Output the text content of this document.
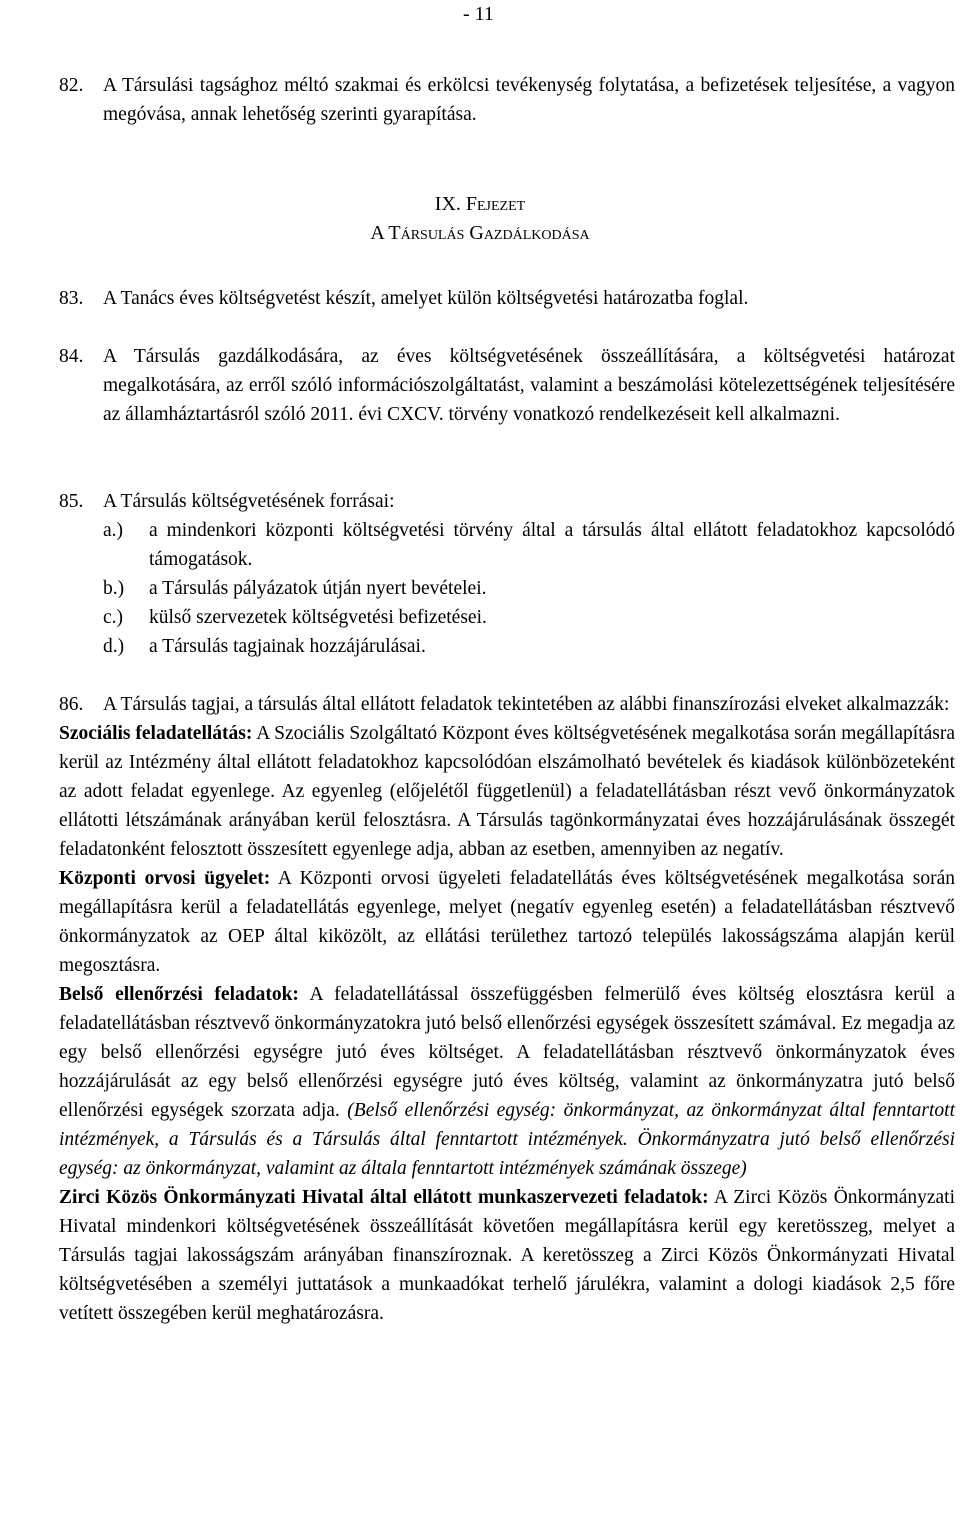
- 11
82.	A Társulási tagsághoz méltó szakmai és erkölcsi tevékenység folytatása, a befizetések teljesítése, a vagyon megóvása, annak lehetőség szerinti gyarapítása.
IX. Fejezet
A Társulás Gazdálkodása
83.	A Tanács éves költségvetést készít, amelyet külön költségvetési határozatba foglal.
84.	A Társulás gazdálkodására, az éves költségvetésének összeállítására, a költségvetési határozat megalkotására, az erről szóló információszolgáltatást, valamint a beszámolási kötelezettségének teljesítésére az államháztartásról szóló 2011. évi CXCV. törvény vonatkozó rendelkezéseit kell alkalmazni.
85.	A Társulás költségvetésének forrásai:
a.)	a mindenkori központi költségvetési törvény által a társulás által ellátott feladatokhoz kapcsolódó támogatások.
b.)	a Társulás pályázatok útján nyert bevételei.
c.)	külső szervezetek költségvetési befizetései.
d.)	a Társulás tagjainak hozzájárulásai.
86.	A Társulás tagjai, a társulás által ellátott feladatok tekintetében az alábbi finanszírozási elveket alkalmazzák:
Szociális feladatellátás: A Szociális Szolgáltató Központ éves költségvetésének megalkotása során megállapításra kerül az Intézmény által ellátott feladatokhoz kapcsolódóan elszámolható bevételek és kiadások különbözeteként az adott feladat egyenlege. Az egyenleg (előjelétől függetlenül) a feladatellátásban részt vevő önkormányzatok ellátotti létszámának arányában kerül felosztásra. A Társulás tagönkormányzatai éves hozzájárulásának összegét feladatonként felosztott összesített egyenlege adja, abban az esetben, amennyiben az negatív.
Központi orvosi ügyelet: A Központi orvosi ügyeleti feladatellátás éves költségvetésének megalkotása során megállapításra kerül a feladatellátás egyenlege, melyet (negatív egyenleg esetén) a feladatellátásban résztvevő önkormányzatok az OEP által kiközölt, az ellátási területhez tartozó település lakosságszáma alapján kerül megosztásra.
Belső ellenőrzési feladatok: A feladatellátással összefüggésben felmerülő éves költség elosztásra kerül a feladatellátásban résztvevő önkormányzatokra jutó belső ellenőrzési egységek összesített számával. Ez megadja az egy belső ellenőrzési egységre jutó éves költséget. A feladatellátásban résztvevő önkormányzatok éves hozzájárulását az egy belső ellenőrzési egységre jutó éves költség, valamint az önkormányzatra jutó belső ellenőrzési egységek szorzata adja. (Belső ellenőrzési egység: önkormányzat, az önkormányzat által fenntartott intézmények, a Társulás és a Társulás által fenntartott intézmények. Önkormányzatra jutó belső ellenőrzési egység: az önkormányzat, valamint az általa fenntartott intézmények számának összege)
Zirci Közös Önkormányzati Hivatal által ellátott munkaszervezeti feladatok: A Zirci Közös Önkormányzati Hivatal mindenkori költségvetésének összeállítását követően megállapításra kerül egy keretösszeg, melyet a Társulás tagjai lakosságszám arányában finanszíroznak. A keretösszeg a Zirci Közös Önkormányzati Hivatal költségvetésében a személyi juttatások a munkaadókat terhelő járulékra, valamint a dologi kiadások 2,5 főre vetített összegében kerül meghatározásra.
